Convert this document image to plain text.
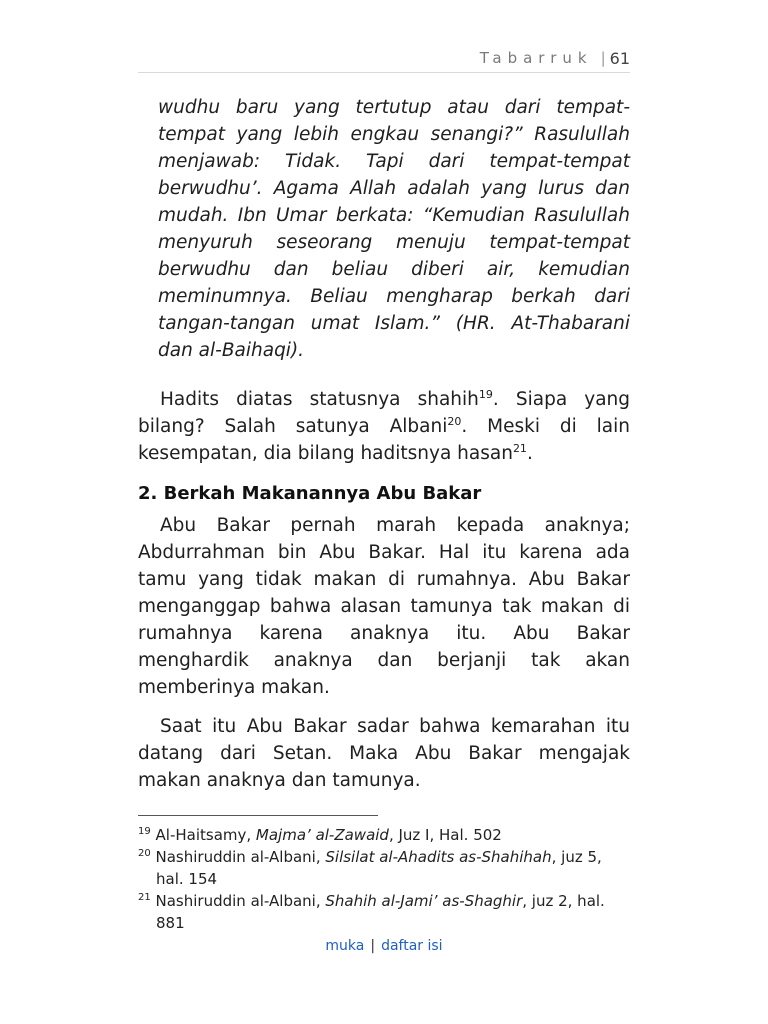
Tabarruk | 61
wudhu baru yang tertutup atau dari tempat-tempat yang lebih engkau senangi?” Rasulullah menjawab: Tidak. Tapi dari tempat-tempat berwudhu’. Agama Allah adalah yang lurus dan mudah. Ibn Umar berkata: “Kemudian Rasulullah menyuruh seseorang menuju tempat-tempat berwudhu dan beliau diberi air, kemudian meminumnya. Beliau mengharap berkah dari tangan-tangan umat Islam.” (HR. At-Thabarani dan al-Baihaqi).

Hadits diatas statusnya shahih$^{19}$. Siapa yang bilang? Salah satunya Albani$^{20}$. Meski di lain kesempatan, dia bilang haditsnya hasan$^{21}$.

2. Berkah Makanannya Abu Bakar

Abu Bakar pernah marah kepada anaknya; Abdurrahman bin Abu Bakar. Hal itu karena ada tamu yang tidak makan di rumahnya. Abu Bakar menganggap bahwa alasan tamunya tak makan di rumahnya karena anaknya itu. Abu Bakar menghardik anaknya dan berjanji tak akan memberinya makan.

Saat itu Abu Bakar sadar bahwa kemarahan itu datang dari Setan. Maka Abu Bakar mengajak makan anaknya dan tamunya.

$^{19}$ Al-Haitsamy, Majma’ al-Zawaid, Juz I, Hal. 502

$^{20}$ Nashiruddin al-Albani, Silsilat al-Ahadits as-Shahihah, juz 5, hal. 154

$^{21}$ Nashiruddin al-Albani, Shahih al-Jami’ as-Shaghir, juz 2, hal. 881

muka | daftar isi
